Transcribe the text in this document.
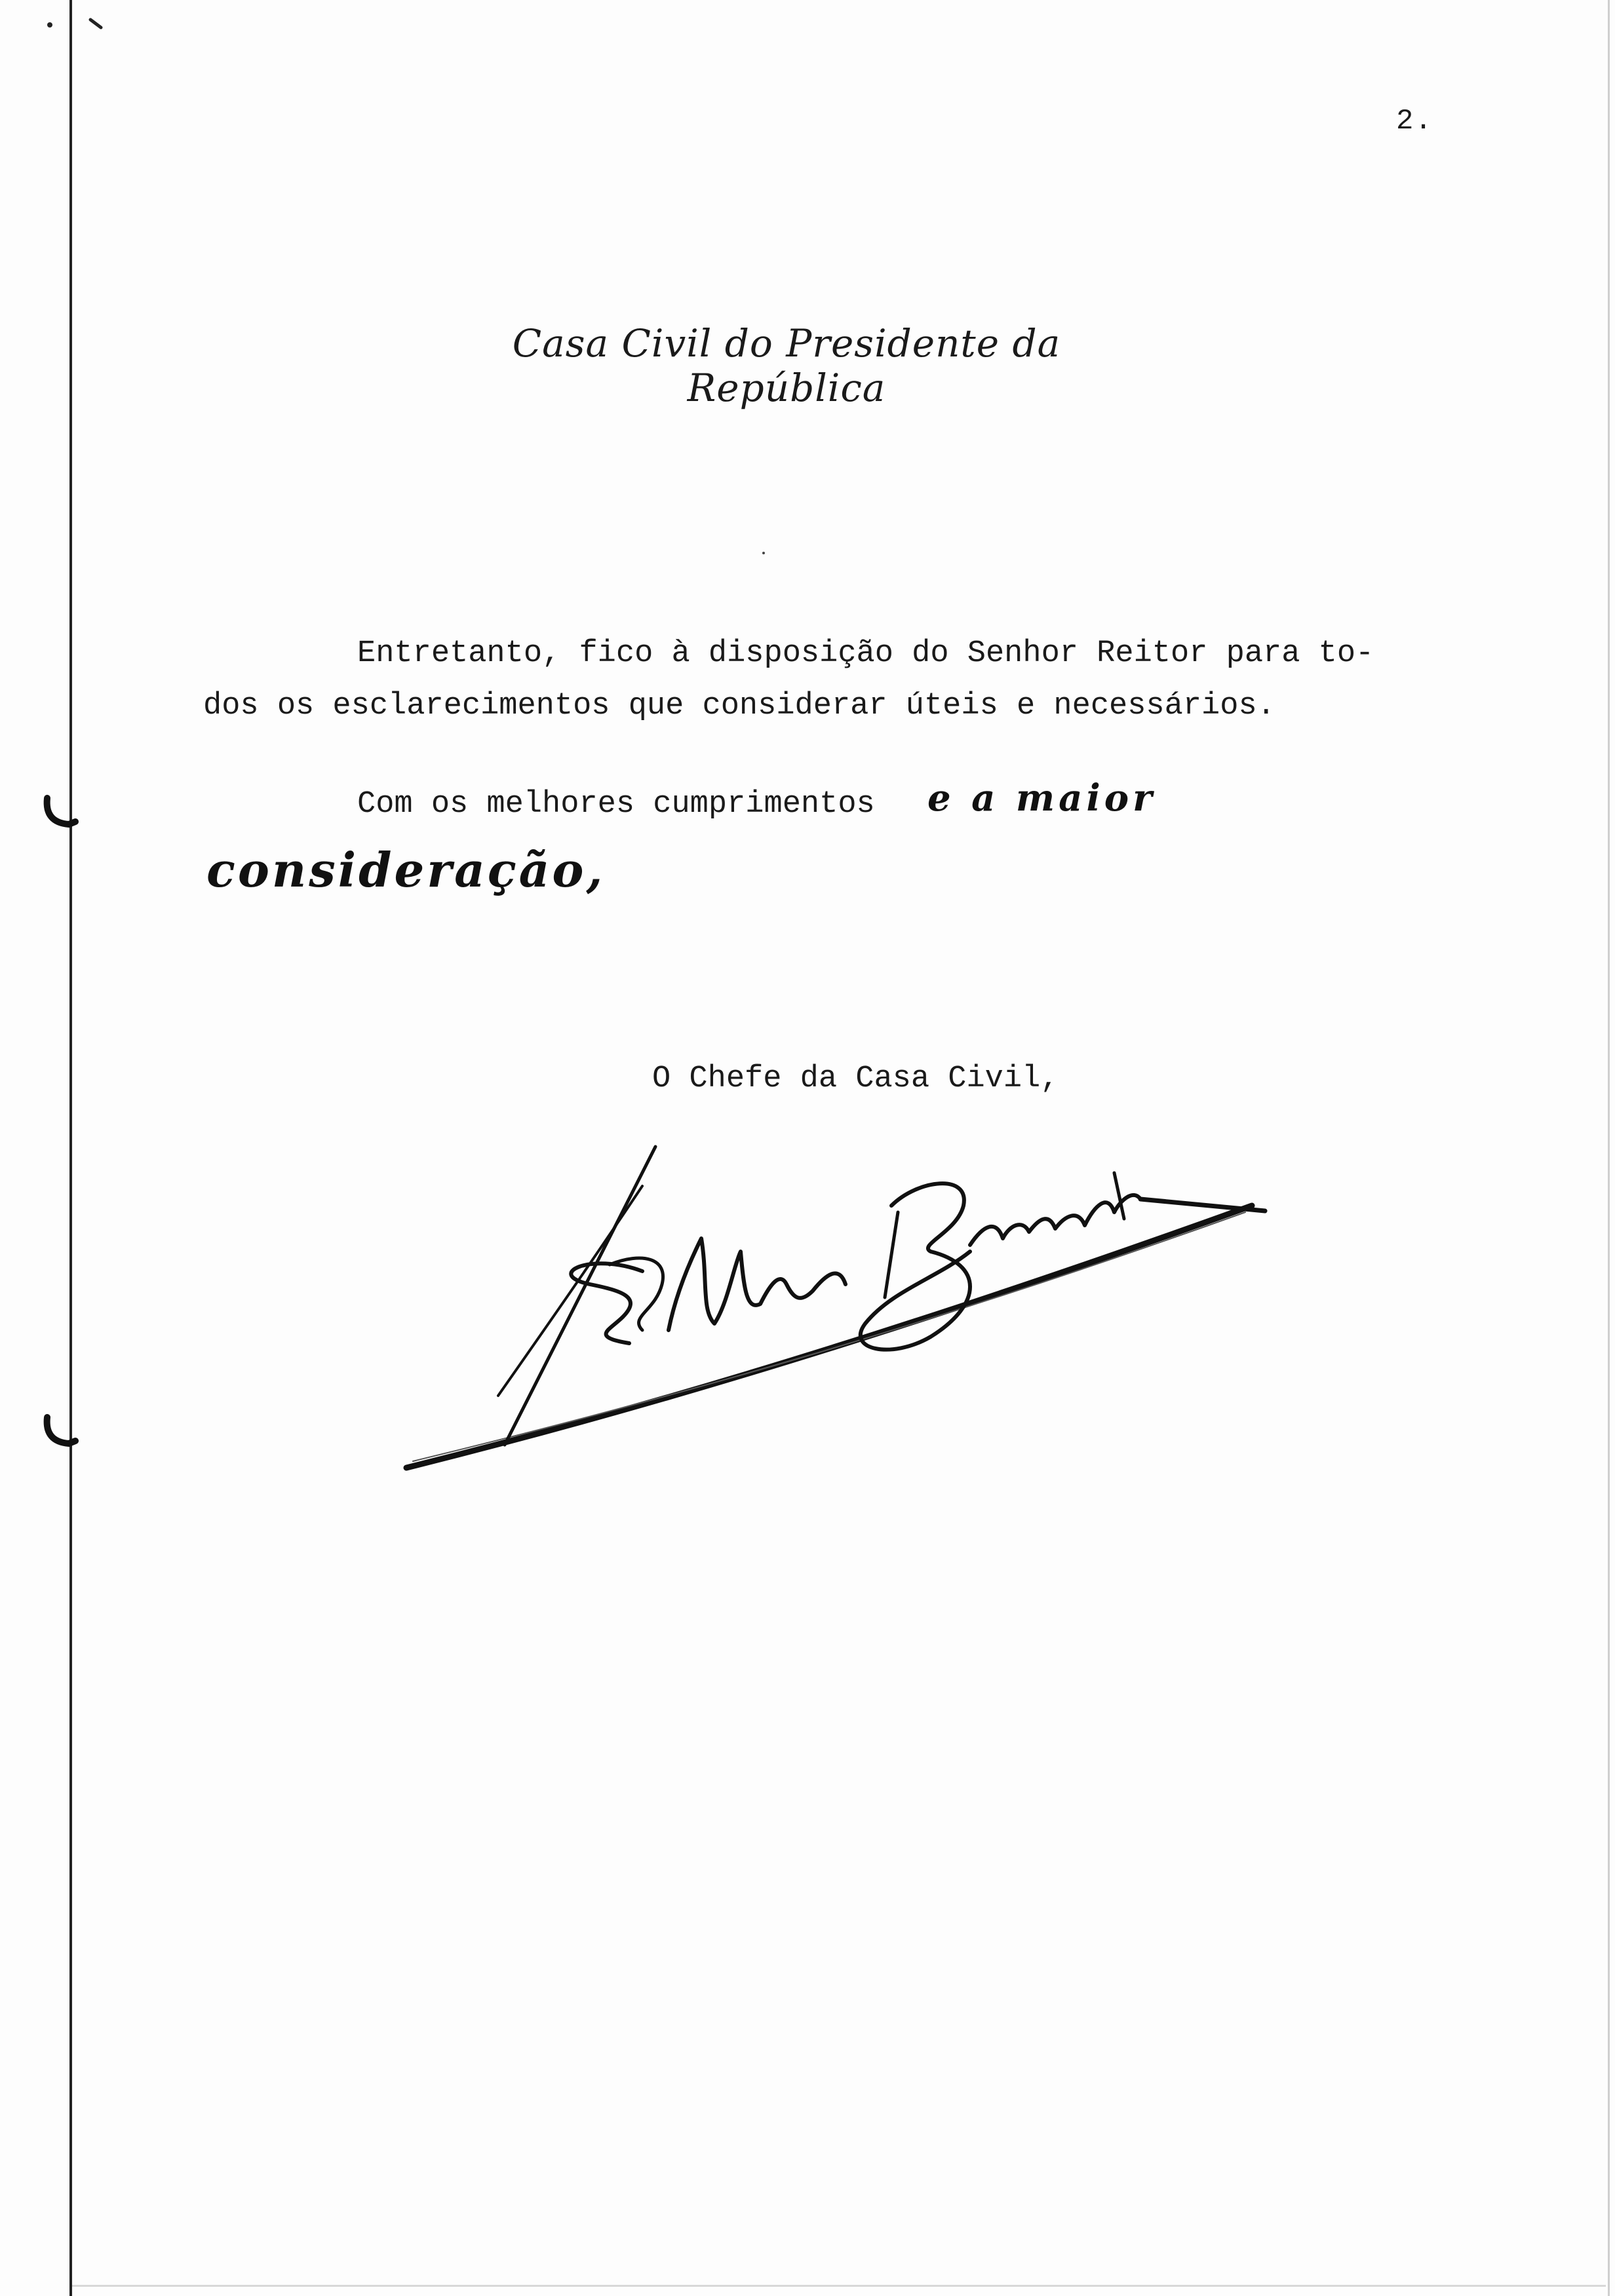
2.
Casa Civil do Presidente da República
Entretanto, fico à disposição do Senhor Reitor para to-
dos os esclarecimentos que considerar úteis e necessários.
Com os melhores cumprimentos	e a maior
consideração,
O Chefe da Casa Civil,
